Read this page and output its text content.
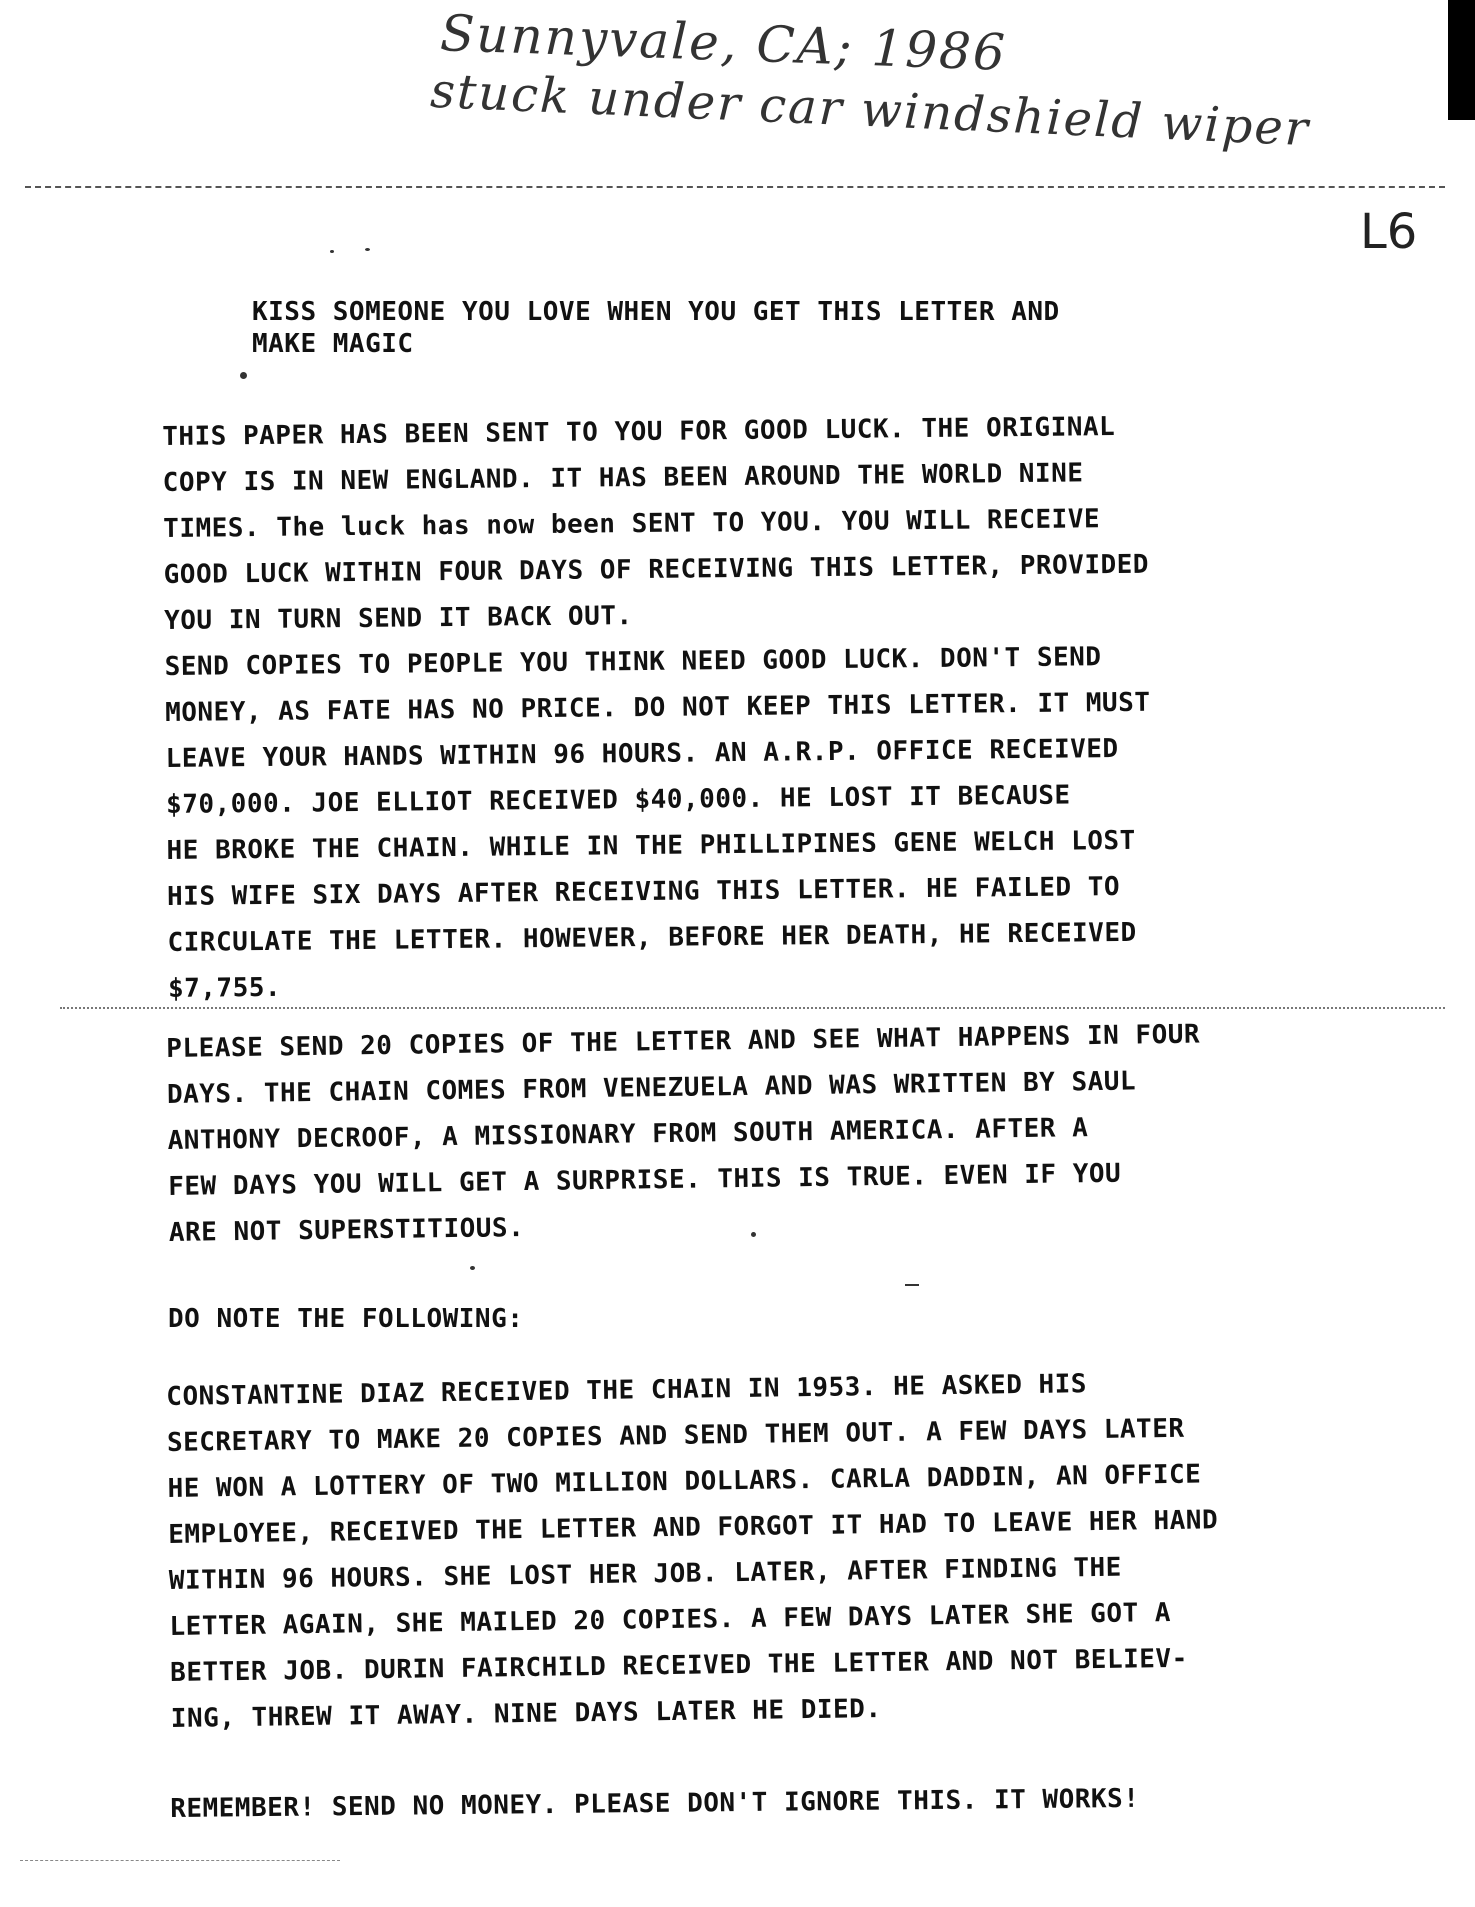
Sunnyvale, CA; 1986
stuck under car windshield wiper
L6
KISS SOMEONE YOU LOVE WHEN YOU GET THIS LETTER AND
MAKE MAGIC
THIS PAPER HAS BEEN SENT TO YOU FOR GOOD LUCK. THE ORIGINAL
COPY IS IN NEW ENGLAND. IT HAS BEEN AROUND THE WORLD NINE
TIMES. The luck has now been SENT TO YOU. YOU WILL RECEIVE
GOOD LUCK WITHIN FOUR DAYS OF RECEIVING THIS LETTER, PROVIDED
YOU IN TURN SEND IT BACK OUT.
SEND COPIES TO PEOPLE YOU THINK NEED GOOD LUCK. DON'T SEND
MONEY, AS FATE HAS NO PRICE. DO NOT KEEP THIS LETTER. IT MUST
LEAVE YOUR HANDS WITHIN 96 HOURS. AN A.R.P. OFFICE RECEIVED
$70,000. JOE ELLIOT RECEIVED $40,000. HE LOST IT BECAUSE
HE BROKE THE CHAIN. WHILE IN THE PHILLIPINES GENE WELCH LOST
HIS WIFE SIX DAYS AFTER RECEIVING THIS LETTER. HE FAILED TO
CIRCULATE THE LETTER. HOWEVER, BEFORE HER DEATH, HE RECEIVED
$7,755.
PLEASE SEND 20 COPIES OF THE LETTER AND SEE WHAT HAPPENS IN FOUR
DAYS. THE CHAIN COMES FROM VENEZUELA AND WAS WRITTEN BY SAUL
ANTHONY DECROOF, A MISSIONARY FROM SOUTH AMERICA. AFTER A
FEW DAYS YOU WILL GET A SURPRISE. THIS IS TRUE. EVEN IF YOU
ARE NOT SUPERSTITIOUS.
DO NOTE THE FOLLOWING:
CONSTANTINE DIAZ RECEIVED THE CHAIN IN 1953. HE ASKED HIS
SECRETARY TO MAKE 20 COPIES AND SEND THEM OUT. A FEW DAYS LATER
HE WON A LOTTERY OF TWO MILLION DOLLARS. CARLA DADDIN, AN OFFICE
EMPLOYEE, RECEIVED THE LETTER AND FORGOT IT HAD TO LEAVE HER HAND
WITHIN 96 HOURS. SHE LOST HER JOB. LATER, AFTER FINDING THE
LETTER AGAIN, SHE MAILED 20 COPIES. A FEW DAYS LATER SHE GOT A
BETTER JOB. DURIN FAIRCHILD RECEIVED THE LETTER AND NOT BELIEV-
ING, THREW IT AWAY. NINE DAYS LATER HE DIED.
REMEMBER! SEND NO MONEY. PLEASE DON'T IGNORE THIS. IT WORKS!
